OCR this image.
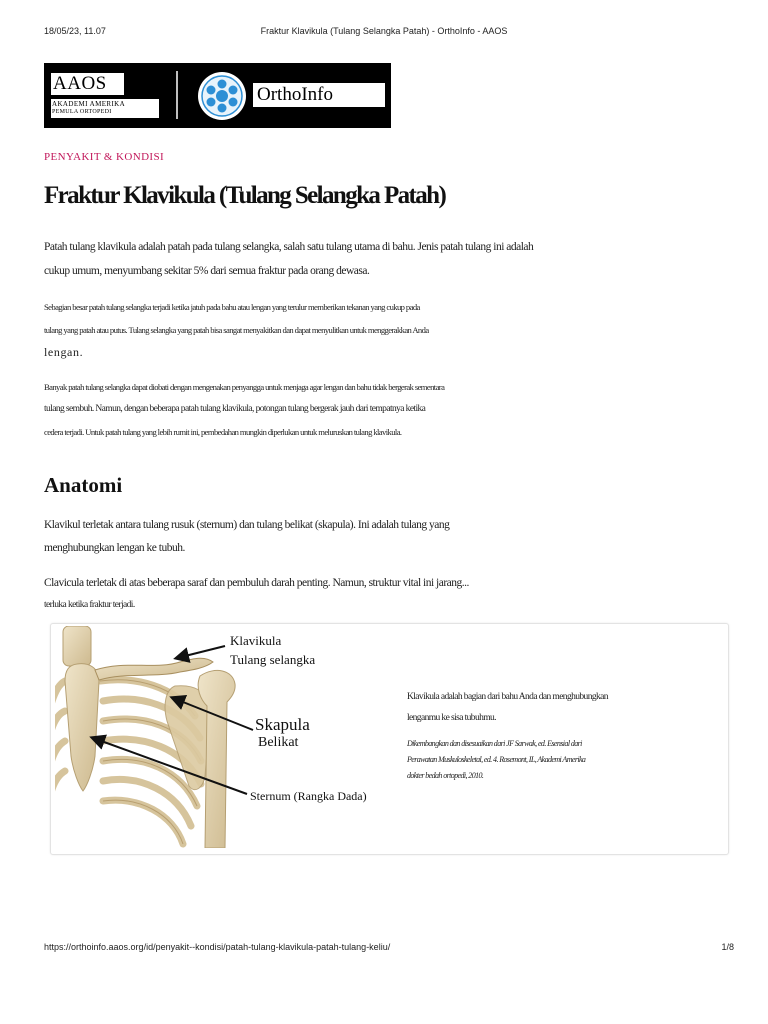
18/05/23, 11.07	Fraktur Klavikula (Tulang Selangka Patah) - OrthoInfo - AAOS
AAOS
AKADEMI AMERIKA
PEMULA ORTOPEDI
OrthoInfo
PENYAKIT & KONDISI
Fraktur Klavikula (Tulang Selangka Patah)
Patah tulang klavikula adalah patah pada tulang selangka, salah satu tulang utama di bahu. Jenis patah tulang ini adalah
cukup umum, menyumbang sekitar 5% dari semua fraktur pada orang dewasa.
Sebagian besar patah tulang selangka terjadi ketika jatuh pada bahu atau lengan yang terulur memberikan tekanan yang cukup pada
tulang yang patah atau putus. Tulang selangka yang patah bisa sangat menyakitkan dan dapat menyulitkan untuk menggerakkan Anda
lengan.
Banyak patah tulang selangka dapat diobati dengan mengenakan penyangga untuk menjaga agar lengan dan bahu tidak bergerak sementara
tulang sembuh. Namun, dengan beberapa patah tulang klavikula, potongan tulang bergerak jauh dari tempatnya ketika
cedera terjadi. Untuk patah tulang yang lebih rumit ini, pembedahan mungkin diperlukan untuk meluruskan tulang klavikula.
Anatomi
Klavikul terletak antara tulang rusuk (sternum) dan tulang belikat (skapula). Ini adalah tulang yang
menghubungkan lengan ke tubuh.
Clavicula terletak di atas beberapa saraf dan pembuluh darah penting. Namun, struktur vital ini jarang...
terluka ketika fraktur terjadi.
Klavikula
Tulang selangka
Skapula
Belikat
Sternum (Rangka Dada)
Klavikula adalah bagian dari bahu Anda dan menghubungkan
lenganmu ke sisa tubuhmu.
Dikembangkan dan disesuaikan dari JF Sarwak, ed. Esensial dari
Perawatan Muskuloskeletal, ed. 4. Rosemont, IL, Akademi Amerika
dokter bedah ortopedi, 2010.
https://orthoinfo.aaos.org/id/penyakit--kondisi/patah-tulang-klavikula-patah-tulang-keliu/	1/8
